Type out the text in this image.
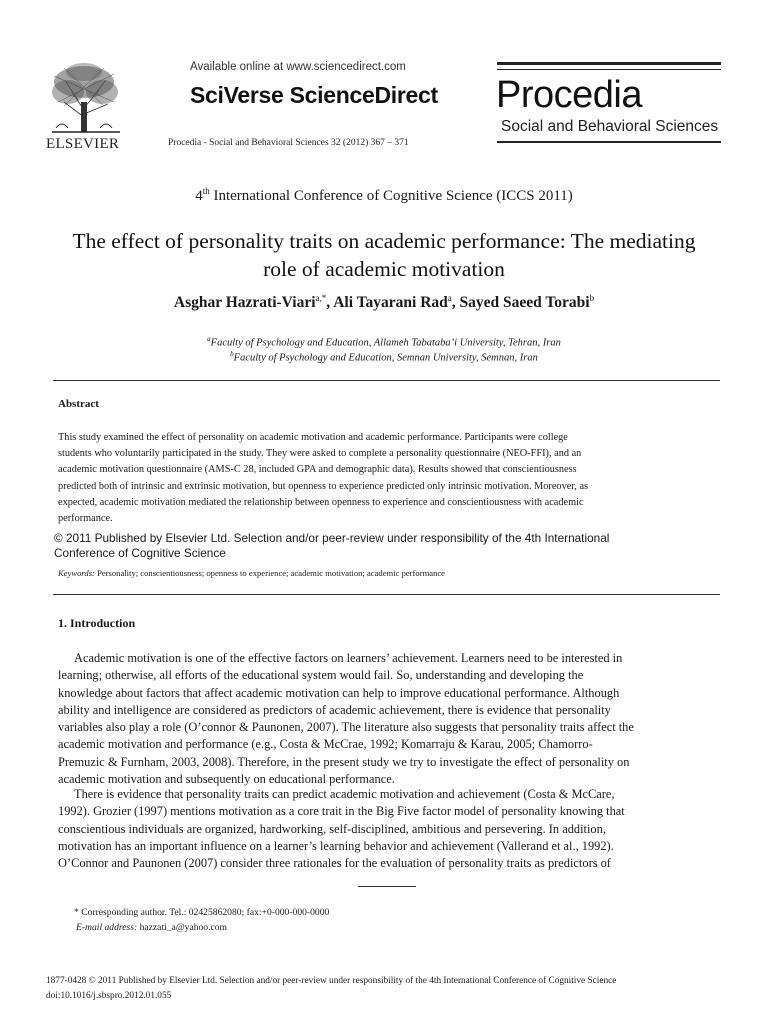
ELSEVIER
Available online at www.sciencedirect.com
SciVerse ScienceDirect
Procedia - Social and Behavioral Sciences 32 (2012) 367 – 371
Procedia
Social and Behavioral Sciences
4th International Conference of Cognitive Science (ICCS 2011)
The effect of personality traits on academic performance: The mediating role of academic motivation
Asghar Hazrati-Viari$^{a,*}$, Ali Tayarani Rad$^a$, Sayed Saeed Torabi$^b$
$^a$Faculty of Psychology and Education, Allameh Tabataba’i University, Tehran, Iran
$^b$Faculty of Psychology and Education, Semnan University, Semnan, Iran
Abstract
This study examined the effect of personality on academic motivation and academic performance. Participants were college
students who voluntarily participated in the study. They were asked to complete a personality questionnaire (NEO-FFI), and an
academic motivation questionnaire (AMS-C 28, included GPA and demographic data). Results showed that conscientiousness
predicted both of intrinsic and extrinsic motivation, but openness to experience predicted only intrinsic motivation. Moreover, as
expected, academic motivation mediated the relationship between openness to experience and conscientiousness with academic
performance.
© 2011 Published by Elsevier Ltd. Selection and/or peer-review under responsibility of the 4th International
Conference of Cognitive Science
Keywords: Personality; conscientiousness; openness to experience; academic motivation; academic performance
1. Introduction
Academic motivation is one of the effective factors on learners’ achievement. Learners need to be interested in
learning; otherwise, all efforts of the educational system would fail. So, understanding and developing the
knowledge about factors that affect academic motivation can help to improve educational performance. Although
ability and intelligence are considered as predictors of academic achievement, there is evidence that personality
variables also play a role (O’connor & Paunonen, 2007). The literature also suggests that personality traits affect the
academic motivation and performance (e.g., Costa & McCrae, 1992; Komarraju & Karau, 2005; Chamorro-
Premuzic & Furnham, 2003, 2008). Therefore, in the present study we try to investigate the effect of personality on
academic motivation and subsequently on educational performance.
There is evidence that personality traits can predict academic motivation and achievement (Costa & McCare,
1992). Grozier (1997) mentions motivation as a core trait in the Big Five factor model of personality knowing that
conscientious individuals are organized, hardworking, self-disciplined, ambitious and persevering. In addition,
motivation has an important influence on a learner’s learning behavior and achievement (Vallerand et al., 1992).
O’Connor and Paunonen (2007) consider three rationales for the evaluation of personality traits as predictors of
* Corresponding author. Tel.: 02425862080; fax:+0-000-000-0000
E-mail address: hazzati_a@yahoo.com
1877-0428 © 2011 Published by Elsevier Ltd. Selection and/or peer-review under responsibility of the 4th International Conference of Cognitive Science
doi:10.1016/j.sbspro.2012.01.055
